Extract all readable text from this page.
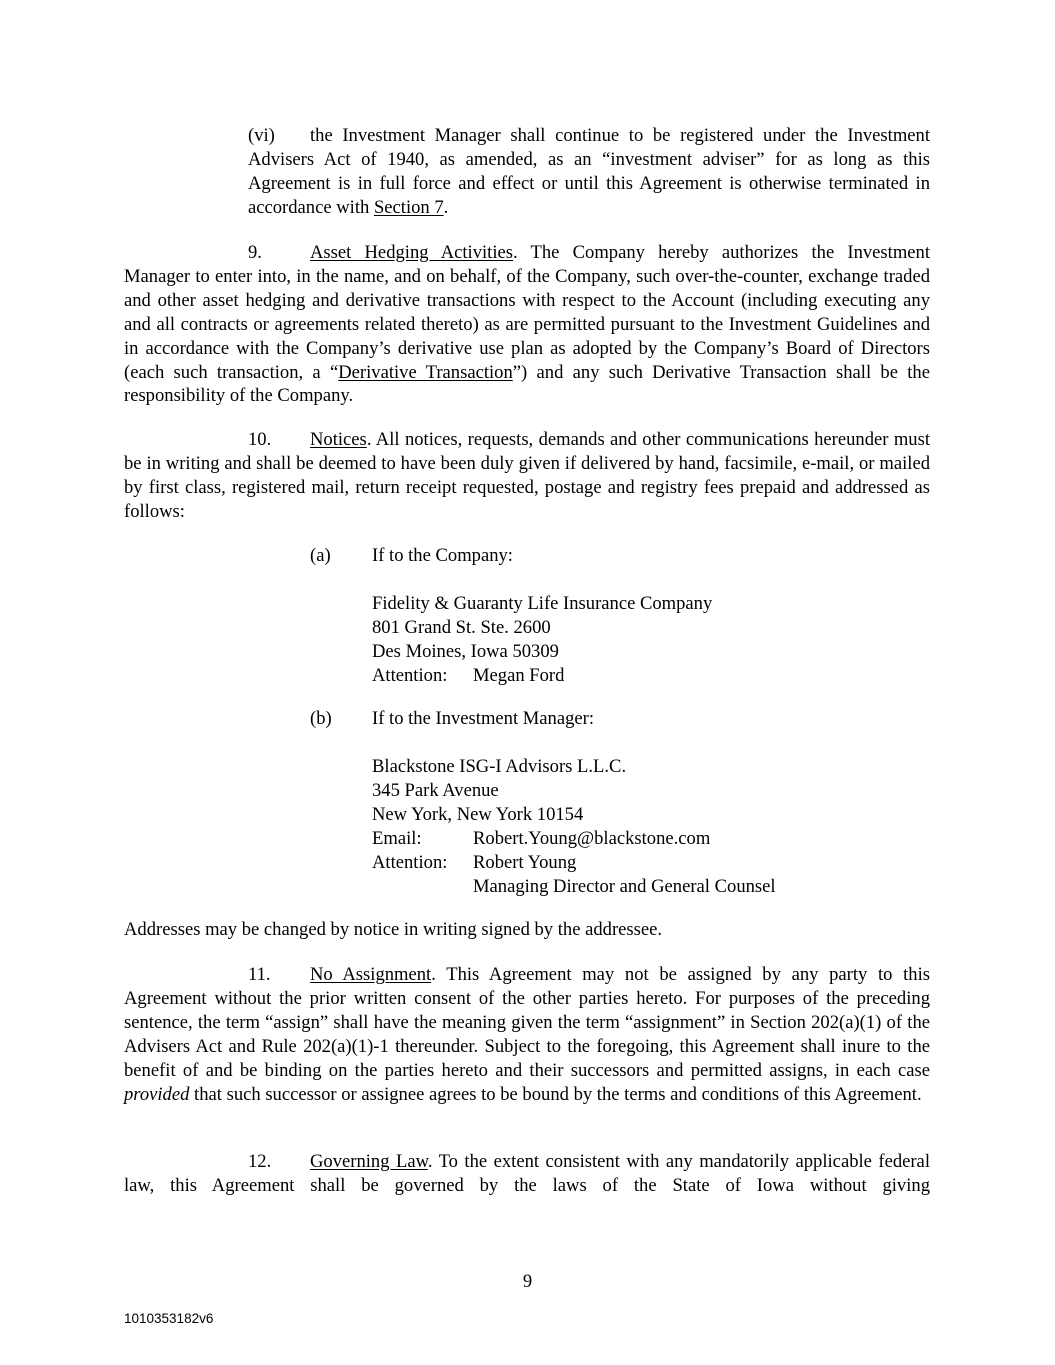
(vi) the Investment Manager shall continue to be registered under the Investment Advisers Act of 1940, as amended, as an “investment adviser” for as long as this Agreement is in full force and effect or until this Agreement is otherwise terminated in accordance with Section 7.

9.	Asset Hedging Activities. The Company hereby authorizes the Investment Manager to enter into, in the name, and on behalf, of the Company, such over-the-counter, exchange traded and other asset hedging and derivative transactions with respect to the Account (including executing any and all contracts or agreements related thereto) as are permitted pursuant to the Investment Guidelines and in accordance with the Company’s derivative use plan as adopted by the Company’s Board of Directors (each such transaction, a “Derivative Transaction”) and any such Derivative Transaction shall be the responsibility of the Company.

10. Notices. All notices, requests, demands and other communications hereunder must be in writing and shall be deemed to have been duly given if delivered by hand, facsimile, e-mail, or mailed by first class, registered mail, return receipt requested, postage and registry fees prepaid and addressed as follows:

(a) If to the Company:
Fidelity & Guaranty Life Insurance Company
801 Grand St. Ste. 2600
Des Moines, Iowa 50309
Attention: Megan Ford
(b) If to the Investment Manager:
Blackstone ISG-I Advisors L.L.C.
345 Park Avenue
New York, New York 10154
Email:	Robert.Young@blackstone.com
Attention: Robert Young
Managing Director and General Counsel

Addresses may be changed by notice in writing signed by the addressee.

11. No Assignment. This Agreement may not be assigned by any party to this Agreement without the prior written consent of the other parties hereto. For purposes of the preceding sentence, the term “assign” shall have the meaning given the term “assignment” in Section 202(a)(1) of the Advisers Act and Rule 202(a)(1)-1 thereunder. Subject to the foregoing, this Agreement shall inure to the benefit of and be binding on the parties hereto and their successors and permitted assigns, in each case provided that such successor or assignee agrees to be bound by the terms and conditions of this Agreement.

12. Governing Law. To the extent consistent with any mandatorily applicable federal law, this Agreement shall be governed by the laws of the State of Iowa without giving

9
1010353182v6
